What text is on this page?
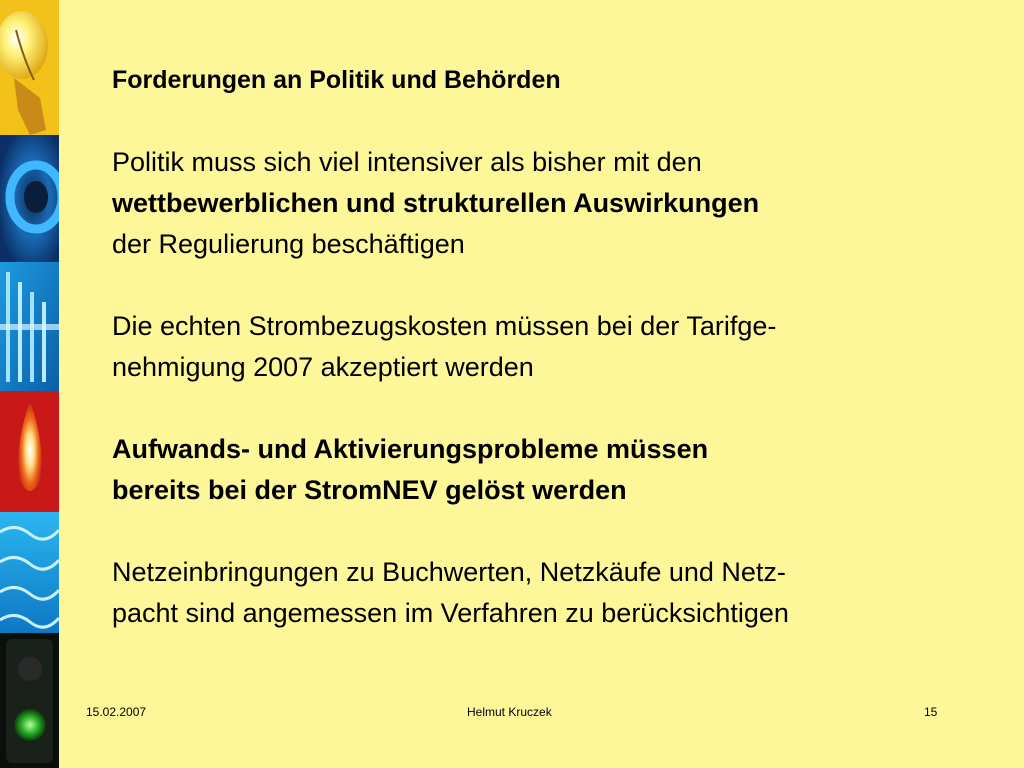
Forderungen an Politik und Behörden

Politik muss sich viel intensiver als bisher mit den
wettbewerblichen und strukturellen Auswirkungen
der Regulierung beschäftigen

Die echten Strombezugskosten müssen bei der Tarifge-
nehmigung 2007 akzeptiert werden

Aufwands- und Aktivierungsprobleme müssen
bereits bei der StromNEV gelöst werden

Netzeinbringungen zu Buchwerten, Netzkäufe und Netz-
pacht sind angemessen im Verfahren zu berücksichtigen

15.02.2007	Helmut Kruczek	15
